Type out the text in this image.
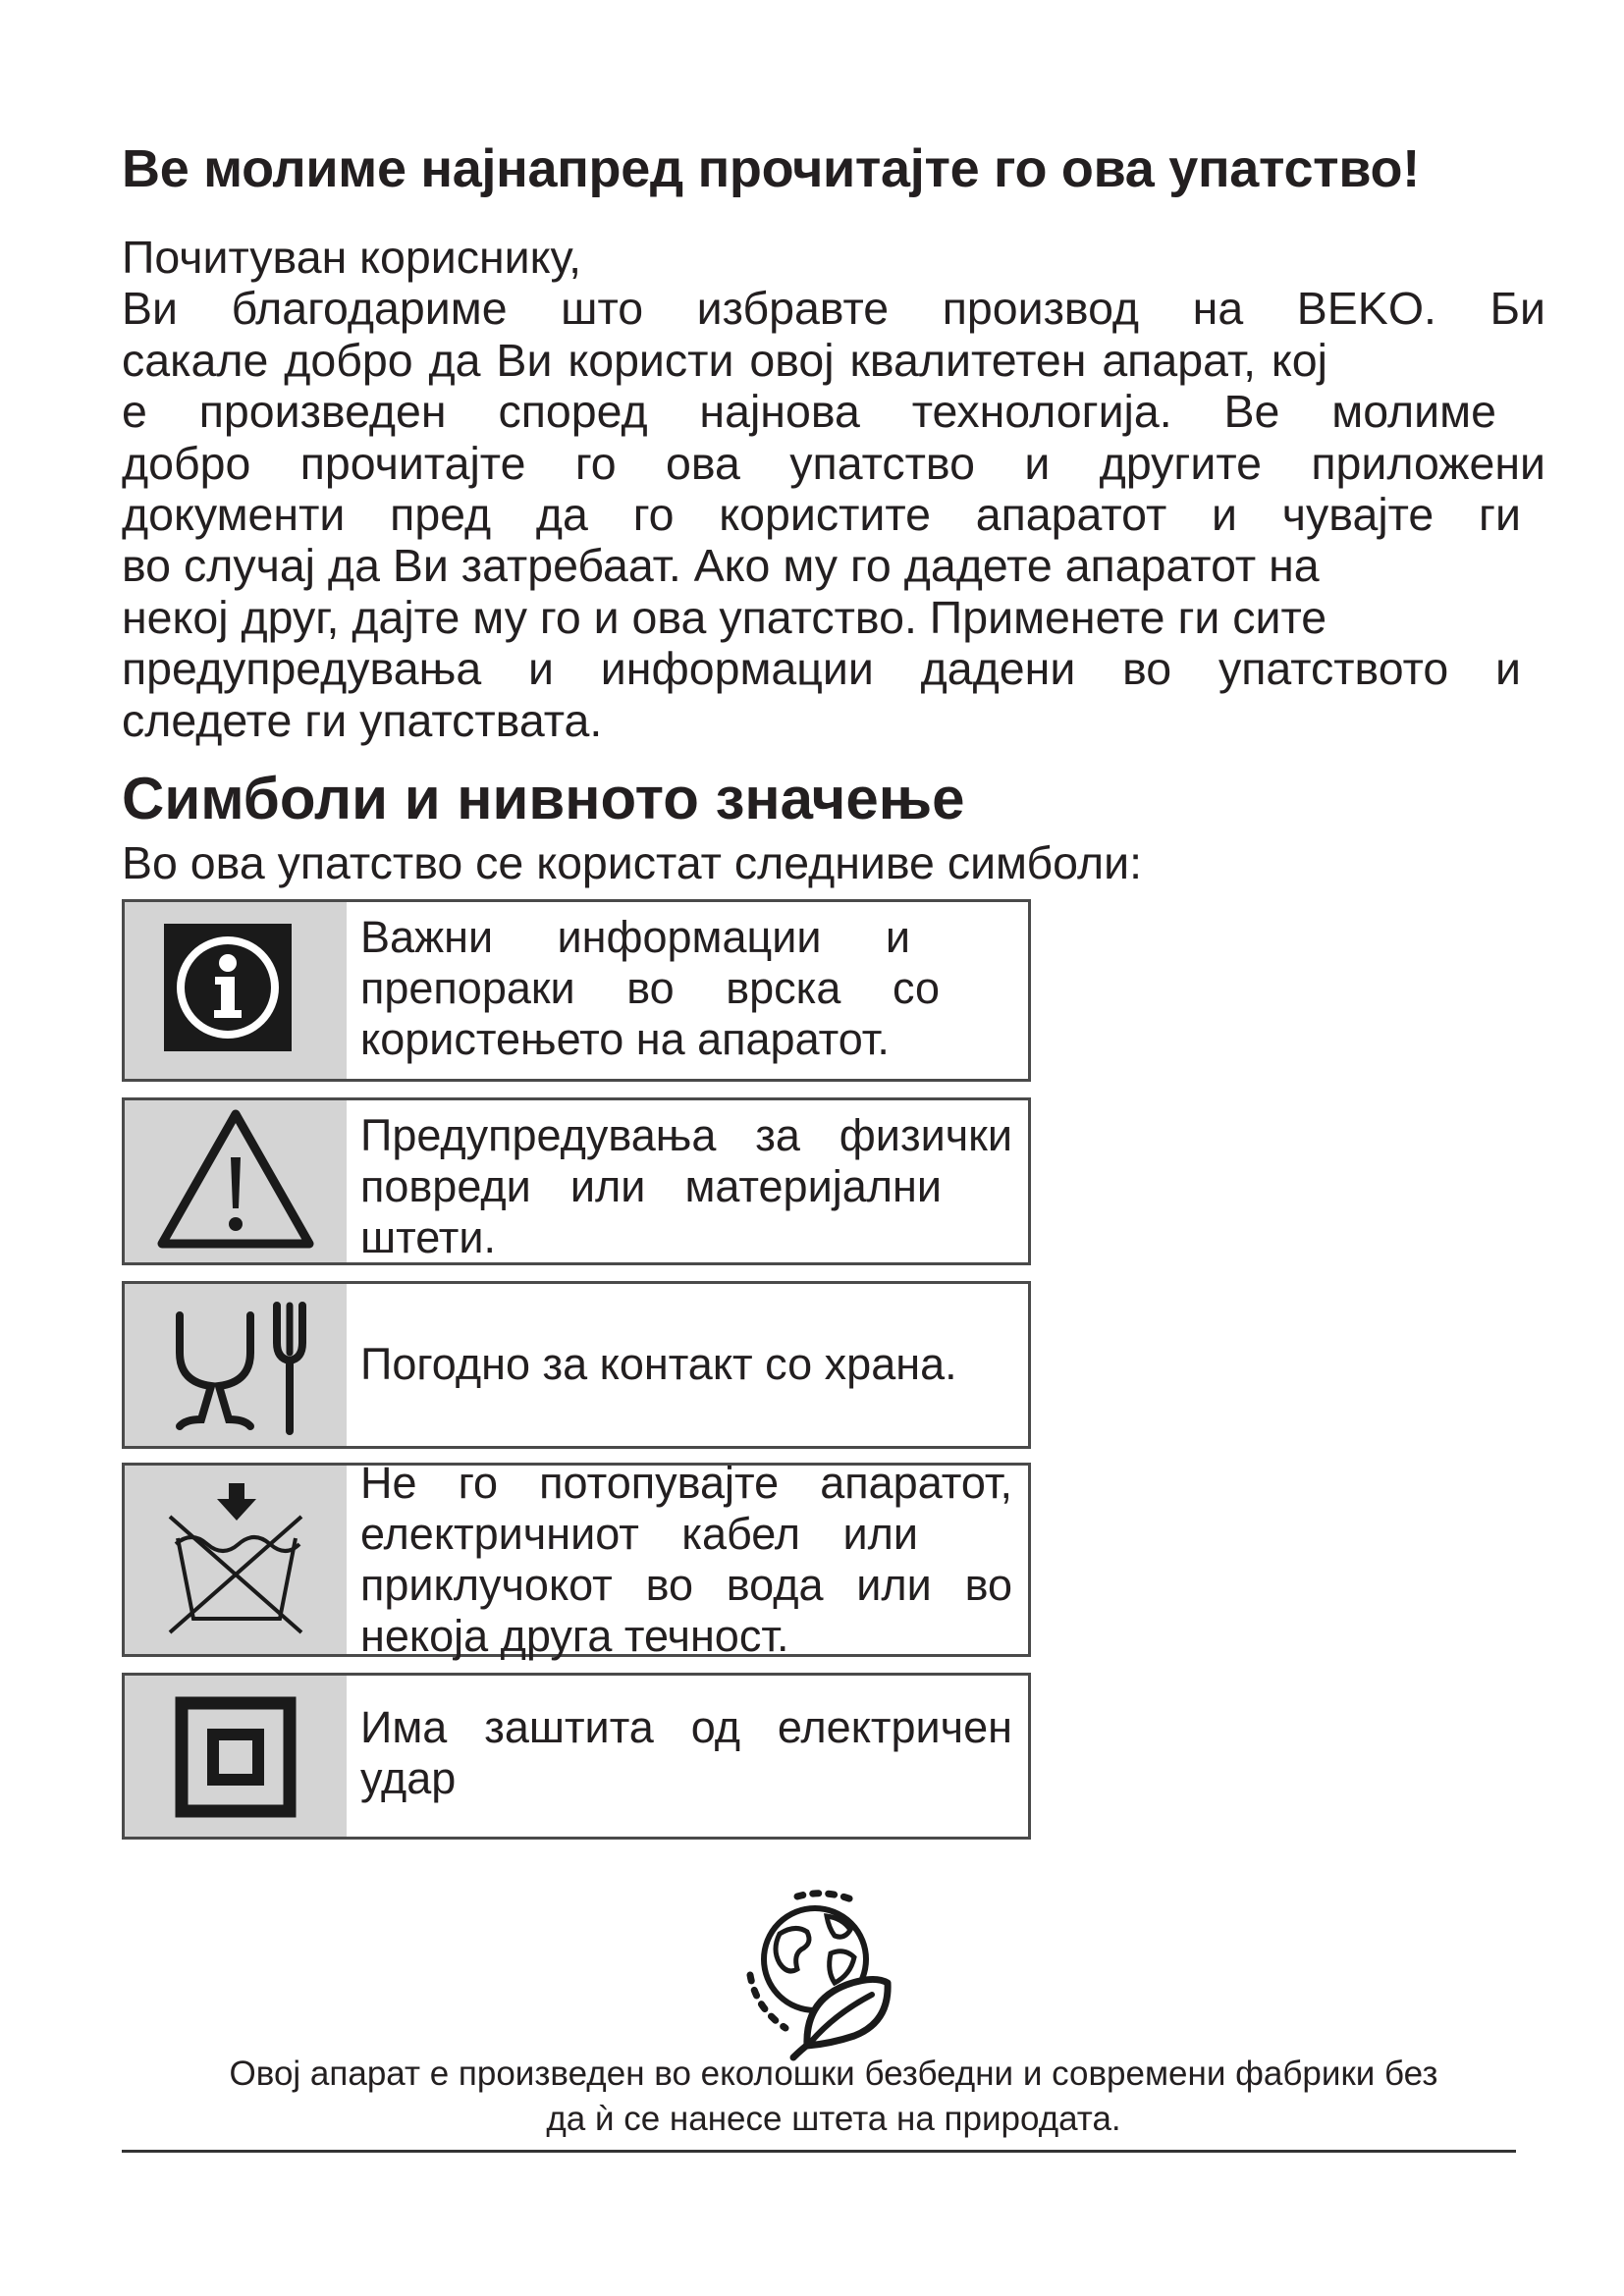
Ве молиме најнапред прочитајте го ова упатство!
Почитуван кориснику,
Ви благодариме што избравте производ на BEKO. Би
сакале добро да Ви користи овој квалитетен апарат, кој
е произведен според најнова технологија. Ве молиме
добро прочитајте го ова упатство и другите приложени
документи пред да го користите апаратот и чувајте ги
во случај да Ви затребаат. Ако му го дадете апаратот на
некој друг, дајте му го и ова упатство. Применете ги сите
предупредувања и информации дадени во упатството и
следете ги упатствата.
Симболи и нивното значење
Во ова упатство се користат следниве симболи:
Важни информации и
препораки во врска со
користењето на апаратот.
Предупредувања за физички
повреди или материјални
штети.
Погодно за контакт со храна.
Не го потопувајте апаратот,
електричниот кабел или
приклучокот во вода или во
некоја друга течност.
Има заштита од електричен
удар
Овој апарат е произведен во еколошки безбедни и современи фабрики без
да ѝ се нанесе штета на природата.
